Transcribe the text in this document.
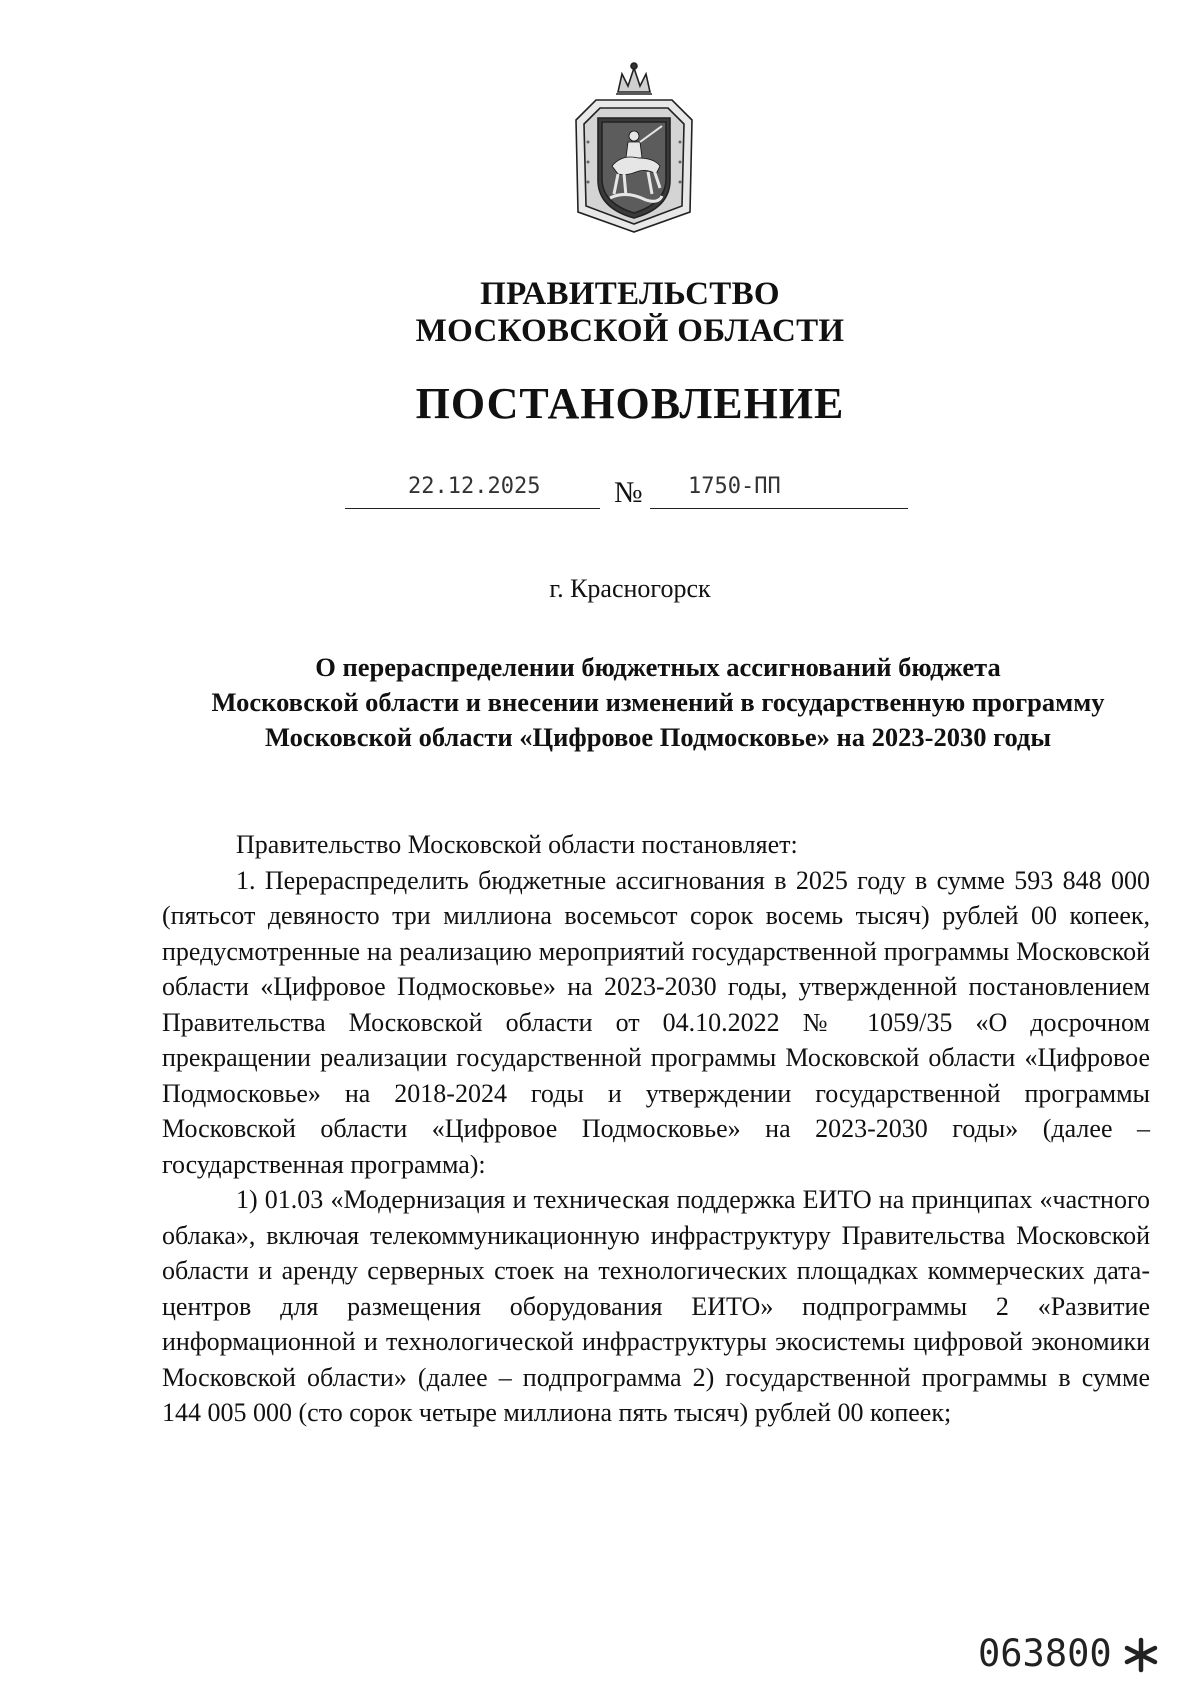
ПРАВИТЕЛЬСТВО
МОСКОВСКОЙ ОБЛАСТИ
ПОСТАНОВЛЕНИЕ
22.12.2025 № 1750-ПП
г. Красногорск
О перераспределении бюджетных ассигнований бюджета
Московской области и внесении изменений в государственную программу
Московской области «Цифровое Подмосковье» на 2023-2030 годы

Правительство Московской области постановляет:

1. Перераспределить бюджетные ассигнования в 2025 году в сумме 593 848 000 (пятьсот девяносто три миллиона восемьсот сорок восемь тысяч) рублей 00 копеек, предусмотренные на реализацию мероприятий государственной программы Московской области «Цифровое Подмосковье» на 2023-2030 годы, утвержденной постановлением Правительства Московской области от 04.10.2022 № 1059/35 «О досрочном прекращении реализации государственной программы Московской области «Цифровое Подмосковье» на 2018-2024 годы и утверждении государственной программы Московской области «Цифровое Подмосковье» на 2023-2030 годы» (далее – государственная программа):

1) 01.03 «Модернизация и техническая поддержка ЕИТО на принципах «частного облака», включая телекоммуникационную инфраструктуру Правительства Московской области и аренду серверных стоек на технологических площадках коммерческих дата-центров для размещения оборудования ЕИТО» подпрограммы 2 «Развитие информационной и технологической инфраструктуры экосистемы цифровой экономики Московской области» (далее – подпрограмма 2) государственной программы в сумме 144 005 000 (сто сорок четыре миллиона пять тысяч) рублей 00 копеек;

063800
